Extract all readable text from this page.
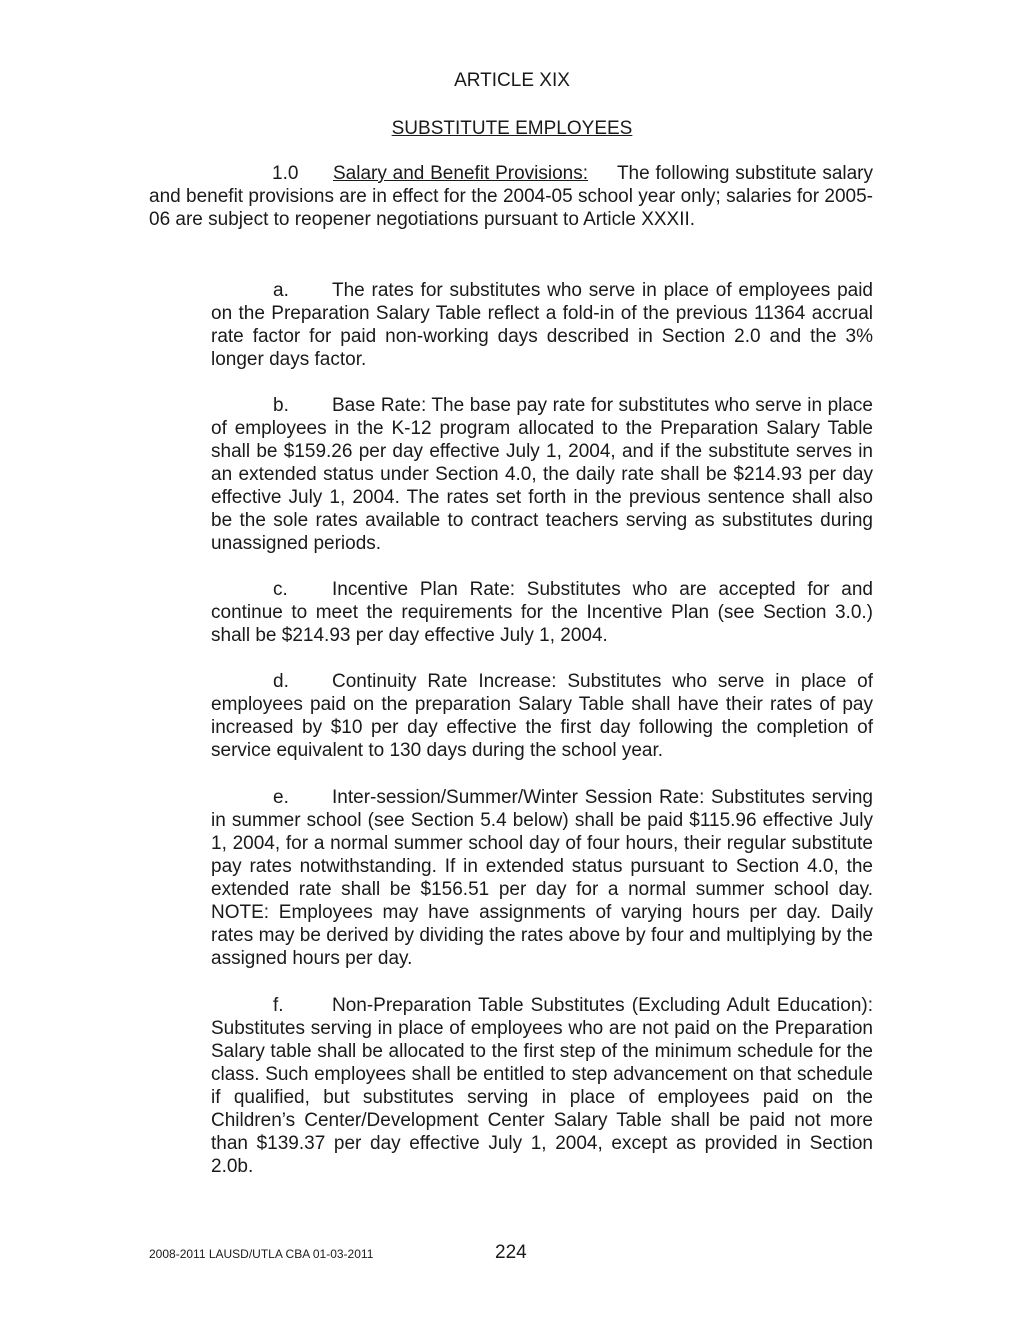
ARTICLE XIX
SUBSTITUTE EMPLOYEES
1.0 Salary and Benefit Provisions: The following substitute salary and benefit provisions are in effect for the 2004-05 school year only; salaries for 2005-06 are subject to reopener negotiations pursuant to Article XXXII.
a. The rates for substitutes who serve in place of employees paid on the Preparation Salary Table reflect a fold-in of the previous 11364 accrual rate factor for paid non-working days described in Section 2.0 and the 3% longer days factor.
b. Base Rate: The base pay rate for substitutes who serve in place of employees in the K-12 program allocated to the Preparation Salary Table shall be $159.26 per day effective July 1, 2004, and if the substitute serves in an extended status under Section 4.0, the daily rate shall be $214.93 per day effective July 1, 2004. The rates set forth in the previous sentence shall also be the sole rates available to contract teachers serving as substitutes during unassigned periods.
c. Incentive Plan Rate: Substitutes who are accepted for and continue to meet the requirements for the Incentive Plan (see Section 3.0.) shall be $214.93 per day effective July 1, 2004.
d. Continuity Rate Increase: Substitutes who serve in place of employees paid on the preparation Salary Table shall have their rates of pay increased by $10 per day effective the first day following the completion of service equivalent to 130 days during the school year.
e. Inter-session/Summer/Winter Session Rate: Substitutes serving in summer school (see Section 5.4 below) shall be paid $115.96 effective July 1, 2004, for a normal summer school day of four hours, their regular substitute pay rates notwithstanding. If in extended status pursuant to Section 4.0, the extended rate shall be $156.51 per day for a normal summer school day. NOTE: Employees may have assignments of varying hours per day. Daily rates may be derived by dividing the rates above by four and multiplying by the assigned hours per day.
f.	Non-Preparation Table Substitutes (Excluding Adult Education): Substitutes serving in place of employees who are not paid on the Preparation Salary table shall be allocated to the first step of the minimum schedule for the class. Such employees shall be entitled to step advancement on that schedule if qualified, but substitutes serving in place of employees paid on the Children’s Center/Development Center Salary Table shall be paid not more than $139.37 per day effective July 1, 2004, except as provided in Section 2.0b.
2008-2011 LAUSD/UTLA CBA 01-03-2011	224
